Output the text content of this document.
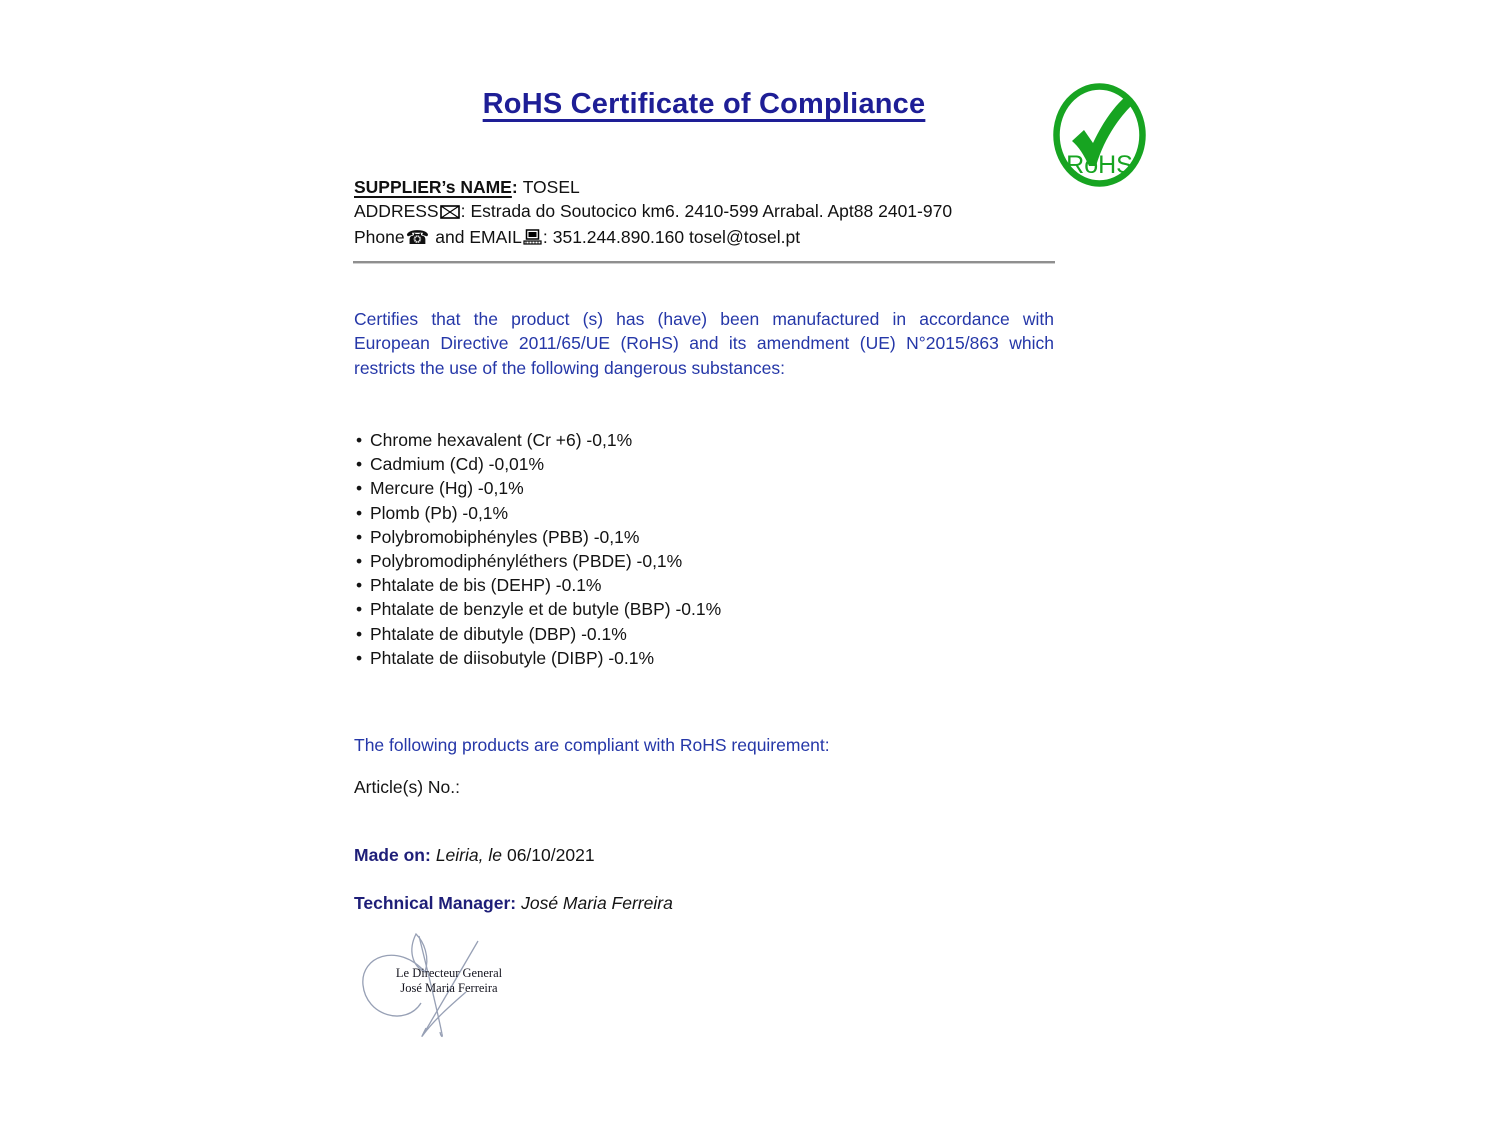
RoHS Certificate of Compliance
RoHS
SUPPLIER’s NAME: TOSEL
ADDRESS : Estrada do Soutocico km6. 2410-599 Arrabal. Apt88 2401-970
Phone☎ and EMAIL : 351.244.890.160 tosel@tosel.pt
Certifies that the product (s) has (have) been manufactured in accordance with
European Directive 2011/65/UE (RoHS) and its amendment (UE) N°2015/863 which
restricts the use of the following dangerous substances:
• Chrome hexavalent (Cr +6) -0,1%
• Cadmium (Cd) -0,01%
• Mercure (Hg) -0,1%
• Plomb (Pb) -0,1%
• Polybromobiphényles (PBB) -0,1%
• Polybromodiphényléthers (PBDE) -0,1%
• Phtalate de bis (DEHP) -0.1%
• Phtalate de benzyle et de butyle (BBP) -0.1%
• Phtalate de dibutyle (DBP) -0.1%
• Phtalate de diisobutyle (DIBP) -0.1%
The following products are compliant with RoHS requirement:
Article(s) No.:
Made on: Leiria, le 06/10/2021
Technical Manager: José Maria Ferreira
Le Directeur General
José Maria Ferreira
